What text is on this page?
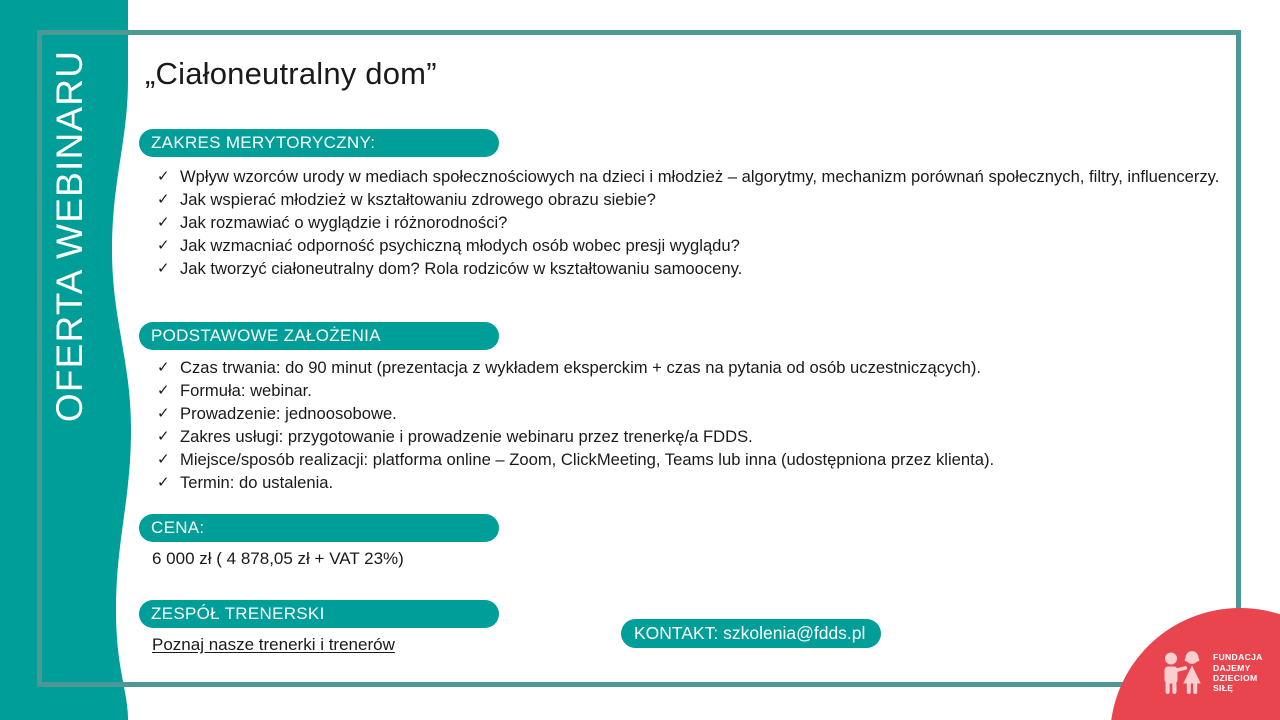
OFERTA WEBINARU „Ciałoneutralny dom”
ZAKRES MERYTORYCZNY:
✓ Wpływ wzorców urody w mediach społecznościowych na dzieci i młodzież – algorytmy, mechanizm porównań społecznych, filtry, influencerzy.
✓ Jak wspierać młodzież w kształtowaniu zdrowego obrazu siebie?
✓ Jak rozmawiać o wyglądzie i różnorodności?
✓ Jak wzmacniać odporność psychiczną młodych osób wobec presji wyglądu?
✓ Jak tworzyć ciałoneutralny dom? Rola rodziców w kształtowaniu samooceny.
PODSTAWOWE ZAŁOŻENIA
✓ Czas trwania: do 90 minut (prezentacja z wykładem eksperckim + czas na pytania od osób uczestniczących).
✓ Formuła: webinar.
✓ Prowadzenie: jednoosobowe.
✓ Zakres usługi: przygotowanie i prowadzenie webinaru przez trenerkę/a FDDS.
✓ Miejsce/sposób realizacji: platforma online – Zoom, ClickMeeting, Teams lub inna (udostępniona przez klienta).
✓ Termin: do ustalenia.
CENA:
6 000 zł ( 4 878,05 zł + VAT 23%)
ZESPÓŁ TRENERSKI
Poznaj nasze trenerki i trenerów
KONTAKT: szkolenia@fdds.pl
FUNDACJA
DAJEMY
DZIECIOM
SIŁĘ
